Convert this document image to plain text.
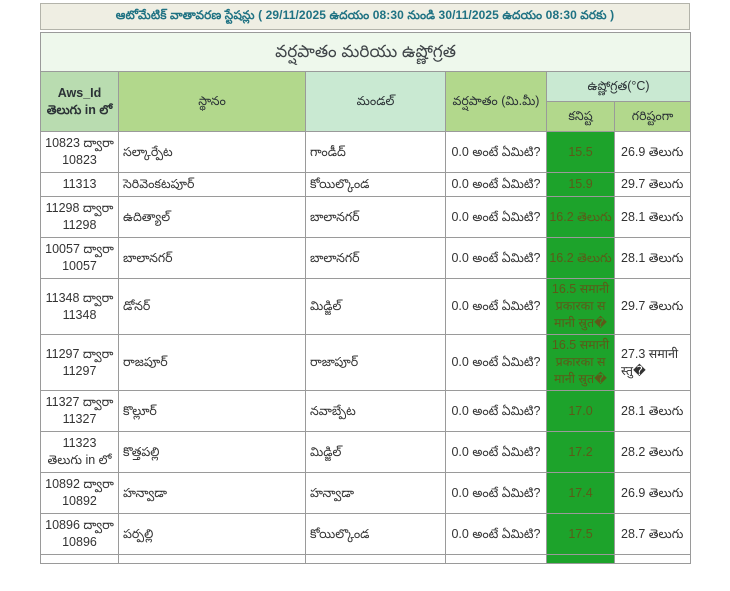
ఆటోమేటిక్ వాతావరణ స్టేషన్లు ( 29/11/2025 ఉదయం 08:30 నుండి 30/11/2025 ఉదయం 08:30 వరకు )
వర్షపాతం మరియు ఉష్ణోగ్రత					
Aws_Id తెలుగు in లో	స్థానం	మండల్	వర్షపాతం (మి.మీ)	ఉష్ణోగ్రత(°C)	
				కనిష్ట	గరిష్టంగా
10823 ద్వారా 10823	సల్కార్పేట	గాండీద్	0.0 అంటే ఏమిటి?	15.5	26.9 తెలుగు
11313	సెరివెంకటపూర్	కోయిల్కొండ	0.0 అంటే ఏమిటి?	15.9	29.7 తెలుగు
11298 ద్వారా 11298	ఉదిత్యాల్	బాలానగర్	0.0 అంటే ఏమిటి?	16.2 తెలుగు	28.1 తెలుగు
10057 ద్వారా 10057	బాలానగర్	బాలానగర్	0.0 అంటే ఏమిటి?	16.2 తెలుగు	28.1 తెలుగు
11348 ద్వారా 11348	డోనర్	మిడ్జిల్	0.0 అంటే ఏమిటి?	16.5 समानी प्रकारका स मानी स्रुत�	29.7 తెలుగు
11297 ద్వారా 11297	రాజపూర్	రాజాపూర్	0.0 అంటే ఏమిటి?	16.5 समानी प्रकारका स मानी स्रुत�	27.3 समानी स्तु�
11327 ద్వారా 11327	కొల్లూర్	నవాబ్పేట	0.0 అంటే ఏమిటి?	17.0	28.1 తెలుగు
11323 తెలుగు in లో	కొత్తపల్లి	మిడ్జిల్	0.0 అంటే ఏమిటి?	17.2	28.2 తెలుగు
10892 ద్వారా 10892	హన్వాడా	హన్వాడా	0.0 అంటే ఏమిటి?	17.4	26.9 తెలుగు
10896 ద్వారా 10896	పర్పల్లి	కోయిల్కొండ	0.0 అంటే ఏమిటి?	17.5	28.7 తెలుగు
